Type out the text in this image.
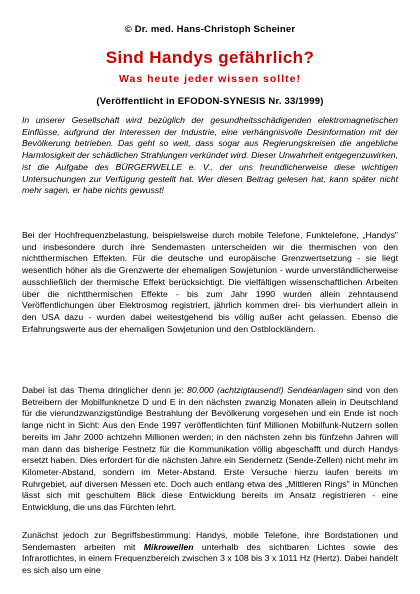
© Dr. med. Hans-Christoph Scheiner
Sind Handys gefährlich?
Was heute jeder wissen sollte!
(Veröffentlicht in EFODON-SYNESIS Nr. 33/1999)
In unserer Gesellschaft wird bezüglich der gesundheitsschädigenden elektromagnetischen Einflüsse, aufgrund der Interessen der Industrie, eine verhängnisvolle Desinformation mit der Bevölkerung betrieben. Das geht so weit, dass sogar aus Regierungskreisen die angebliche Harmlosigkeit der schädlichen Strahlungen verkündet wird. Dieser Unwahrheit entgegenzuwirken, ist die Aufgabe des BÜRGERWELLE e. V., der uns freundlicherweise diese wichtigen Untersuchungen zur Verfügung gestellt hat. Wer diesen Beitrag gelesen hat, kann später nicht mehr sagen, er habe nichts gewusst!
Bei der Hochfrequenzbelastung, beispielsweise durch mobile Telefone, Funktelefone, „Handys" und insbesondere durch ihre Sendemasten unterscheiden wir die thermischen von den nichtthermischen Effekten. Für die deutsche und europäische Grenzwertsetzung - sie liegt wesentlich höher als die Grenzwerte der ehemaligen Sowjetunion - wurde unverständlicherweise ausschließlich der thermische Effekt berücksichtigt. Die vielfältigen wissenschaftlichen Arbeiten über die nichtthermischen Effekte - bis zum Jahr 1990 wurden allein zehntausend Veröffentlichungen über Elektrosmog registriert, jährlich kommen drei- bis vierhundert allein in den USA dazu - wurden dabei weitestgehend bis völlig außer acht gelassen. Ebenso die Erfahrungswerte aus der ehemaligen Sowjetunion und den Ostblockländern.
Dabei ist das Thema dringlicher denn je: 80.000 (achtzigtausend!) Sendeanlagen sind von den Betreibern der Mobilfunknetze D und E in den nächsten zwanzig Monaten allein in Deutschland für die vierundzwanzigstündige Bestrahlung der Bevölkerung vorgesehen und ein Ende ist noch lange nicht in Sicht: Aus den Ende 1997 veröffentlichten fünf Millionen Mobilfunk-Nutzern sollen bereits im Jahr 2000 achtzehn Millionen werden; in den nächsten zehn bis fünfzehn Jahren will man dann das bisherige Festnetz für die Kommunikation völlig abgeschafft und durch Handys ersetzt haben. Dies erfordert für die nächsten Jahre ein Sendernetz (Sende-Zellen) nicht mehr im Kilometer-Abstand, sondern im Meter-Abstand. Erste Versuche hierzu laufen bereits im Ruhrgebiet, auf diversen Messen etc. Doch auch entlang etwa des „Mittleren Rings" in München lässt sich mit geschultem Blick diese Entwicklung bereits im Ansatz registrieren - eine Entwicklung, die uns das Fürchten lehrt.
Zunächst jedoch zur Begriffsbestimmung: Handys, mobile Telefone, ihre Bordstationen und Sendemasten arbeiten mit Mikrowellen unterhalb des sichtbaren Lichtes sowie des Infrarotlichtes, in einem Frequenzbereich zwischen 3 x 108 bis 3 x 1011 Hz (Hertz). Dabei handelt es sich also um eine
